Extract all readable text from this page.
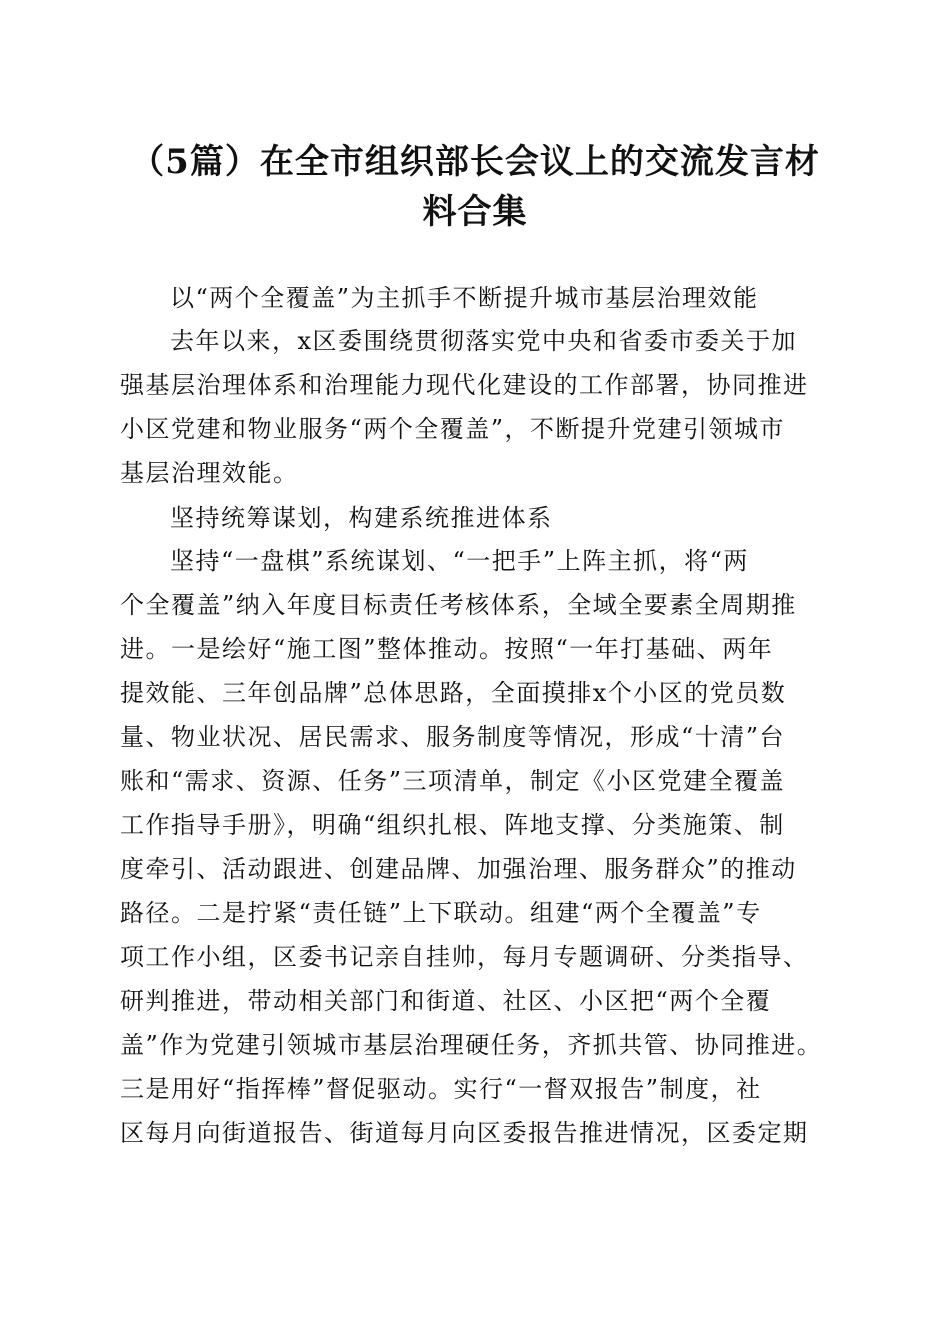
（5篇）在全市组织部长会议上的交流发言材
料合集
以“两个全覆盖”为主抓手不断提升城市基层治理效能
去年以来，x区委围绕贯彻落实党中央和省委市委关于加
强基层治理体系和治理能力现代化建设的工作部署，协同推进
小区党建和物业服务“两个全覆盖”，不断提升党建引领城市
基层治理效能。
坚持统筹谋划，构建系统推进体系
坚持“一盘棋”系统谋划、“一把手”上阵主抓，将“两
个全覆盖”纳入年度目标责任考核体系，全域全要素全周期推
进。一是绘好“施工图”整体推动。按照“一年打基础、两年
提效能、三年创品牌”总体思路，全面摸排x个小区的党员数
量、物业状况、居民需求、服务制度等情况，形成“十清”台
账和“需求、资源、任务”三项清单，制定《小区党建全覆盖
工作指导手册》，明确“组织扎根、阵地支撑、分类施策、制
度牵引、活动跟进、创建品牌、加强治理、服务群众”的推动
路径。二是拧紧“责任链”上下联动。组建“两个全覆盖”专
项工作小组，区委书记亲自挂帅，每月专题调研、分类指导、
研判推进，带动相关部门和街道、社区、小区把“两个全覆
盖”作为党建引领城市基层治理硬任务，齐抓共管、协同推进。
三是用好“指挥棒”督促驱动。实行“一督双报告”制度，社
区每月向街道报告、街道每月向区委报告推进情况，区委定期
